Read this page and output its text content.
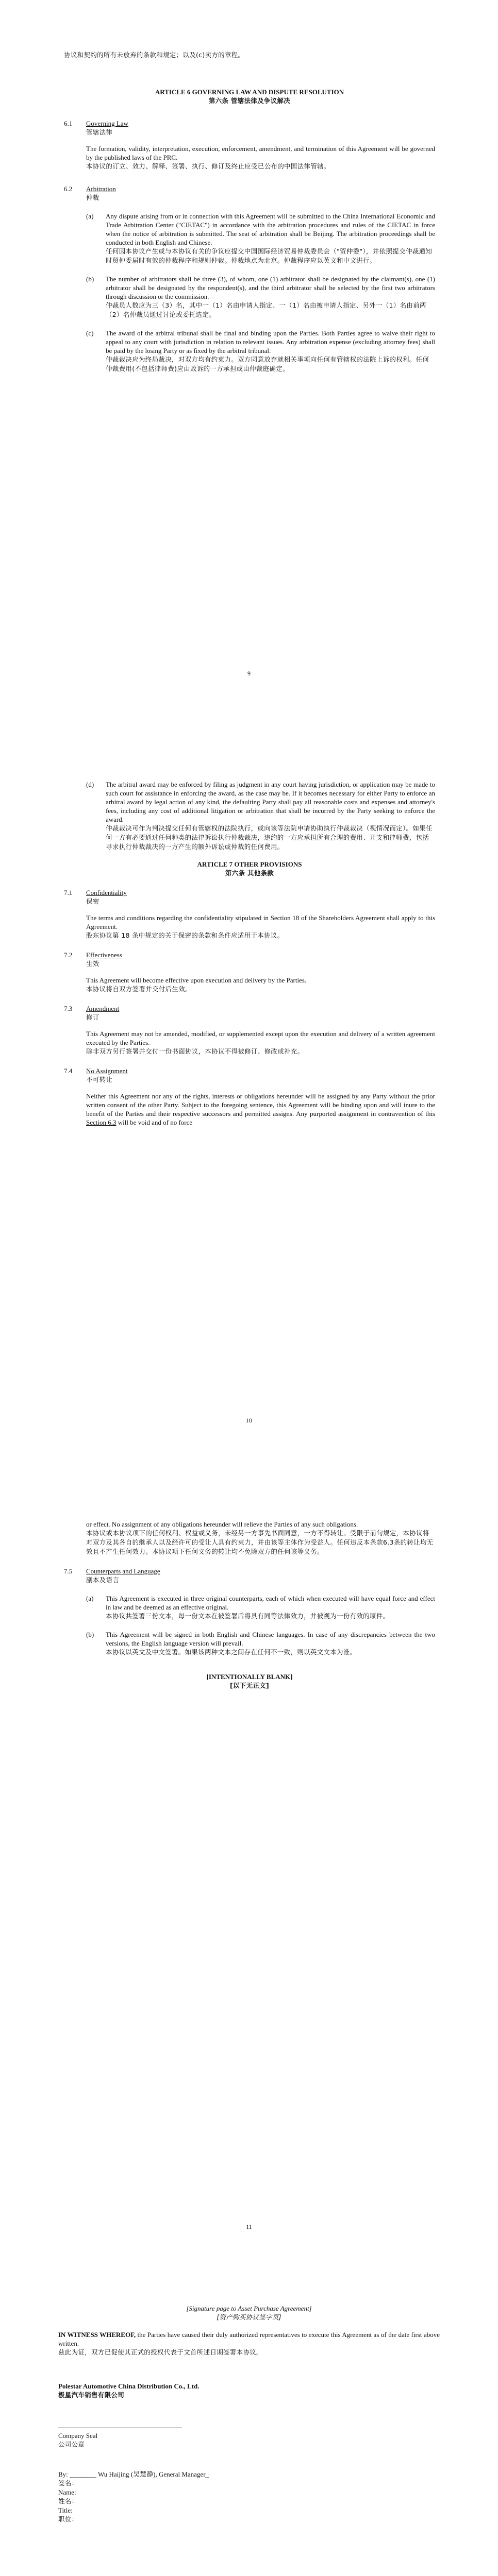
协议和契约的所有未放弃的条款和规定；以及(c)卖方的章程。
ARTICLE 6 GOVERNING LAW AND DISPUTE RESOLUTION
第六条 管辖法律及争议解决
6.1 Governing Law
管辖法律
The formation, validity, interpretation, execution, enforcement, amendment, and termination of this Agreement will be governed by the published laws of the PRC.
本协议的订立、效力、解释、签署、执行、修订及终止应受已公布的中国法律管辖。
6.2 Arbitration
仲裁
(a) Any dispute arising from or in connection with this Agreement will be submitted to the China International Economic and Trade Arbitration Center ("CIETAC") in accordance with the arbitration procedures and rules of the CIETAC in force when the notice of arbitration is submitted. The seat of arbitration shall be Beijing. The arbitration proceedings shall be conducted in both English and Chinese.
任何因本协议产生或与本协议有关的争议应提交中国国际经济贸易仲裁委员会（"贸仲委"），并依照提交仲裁通知时贸仲委届时有效的仲裁程序和规则仲裁。仲裁地点为北京。仲裁程序应以英文和中文进行。
(b) The number of arbitrators shall be three (3), of whom, one (1) arbitrator shall be designated by the claimant(s), one (1) arbitrator shall be designated by the respondent(s), and the third arbitrator shall be selected by the first two arbitrators through discussion or the commission.
仲裁员人数应为三（3）名，其中一（1）名由申请人指定、一（1）名由被申请人指定、另外一（1）名由前两（2）名仲裁员通过讨论或委托选定。
(c) The award of the arbitral tribunal shall be final and binding upon the Parties. Both Parties agree to waive their right to appeal to any court with jurisdiction in relation to relevant issues. Any arbitration expense (excluding attorney fees) shall be paid by the losing Party or as fixed by the arbitral tribunal.
仲裁裁决应为终局裁决，对双方均有约束力。双方同意放弃就相关事项向任何有管辖权的法院上诉的权利。任何仲裁费用(不包括律师费)应由败诉的一方承担或由仲裁庭确定。
9
(d) The arbitral award may be enforced by filing as judgment in any court having jurisdiction, or application may be made to such court for assistance in enforcing the award, as the case may be. If it becomes necessary for either Party to enforce an arbitral award by legal action of any kind, the defaulting Party shall pay all reasonable costs and expenses and attorney's fees, including any cost of additional litigation or arbitration that shall be incurred by the Party seeking to enforce the award.
仲裁裁决可作为判决提交任何有管辖权的法院执行，或向该等法院申请协助执行仲裁裁决（视情况而定）。如果任何一方有必要通过任何种类的法律诉讼执行仲裁裁决，违约的一方应承担所有合理的费用、开支和律师费，包括寻求执行仲裁裁决的一方产生的额外诉讼或仲裁的任何费用。
ARTICLE 7 OTHER PROVISIONS
第六条 其他条款
7.1 Confidentiality
保密
The terms and conditions regarding the confidentiality stipulated in Section 18 of the Shareholders Agreement shall apply to this Agreement.
股东协议第 18 条中规定的关于保密的条款和条件应适用于本协议。
7.2 Effectiveness
生效
This Agreement will become effective upon execution and delivery by the Parties.
本协议将自双方签署并交付后生效。
7.3 Amendment
修订
This Agreement may not be amended, modified, or supplemented except upon the execution and delivery of a written agreement executed by the Parties.
除非双方另行签署并交付一份书面协议，本协议不得被修订、修改或补充。
7.4 No Assignment
不可转让
Neither this Agreement nor any of the rights, interests or obligations hereunder will be assigned by any Party without the prior written consent of the other Party. Subject to the foregoing sentence, this Agreement will be binding upon and will inure to the benefit of the Parties and their respective successors and permitted assigns. Any purported assignment in contravention of this Section 6.3 will be void and of no force
10
or effect. No assignment of any obligations hereunder will relieve the Parties of any such obligations.
本协议或本协议项下的任何权利、权益或义务，未经另一方事先书面同意，一方不得转让。受限于前句规定，本协议将对双方及其各自的继承人以及经许可的受让人具有约束力，并由该等主体作为受益人。任何违反本条款6.3条的转让均无效且不产生任何效力。本协议项下任何义务的转让均不免除双方的任何该等义务。
7.5 Counterparts and Language
副本及语言
(a) This Agreement is executed in three original counterparts, each of which when executed will have equal force and effect in law and be deemed as an effective original.
本协议共签署三份文本，每一份文本在被签署后将具有同等法律效力，并被视为一份有效的原件。
(b) This Agreement will be signed in both English and Chinese languages. In case of any discrepancies between the two versions, the English language version will prevail.
本协议以英文及中文签署。如果该两种文本之间存在任何不一致，则以英文文本为准。
[INTENTIONALLY BLANK]
[以下无正文]
11
[Signature page to Asset Purchase Agreement]
[资产购买协议签字页]
IN WITNESS WHEREOF, the Parties have caused their duly authorized representatives to execute this Agreement as of the date first above written.
兹此为证，双方已促使其正式的授权代表于文首所述日期签署本协议。
Polestar Automotive China Distribution Co., Ltd.
极星汽车销售有限公司
Company Seal
公司公章
By: ________ Wu Haijing (吴慧静), General Manager_
签名：
Name:
姓名：
Title:
职位：
